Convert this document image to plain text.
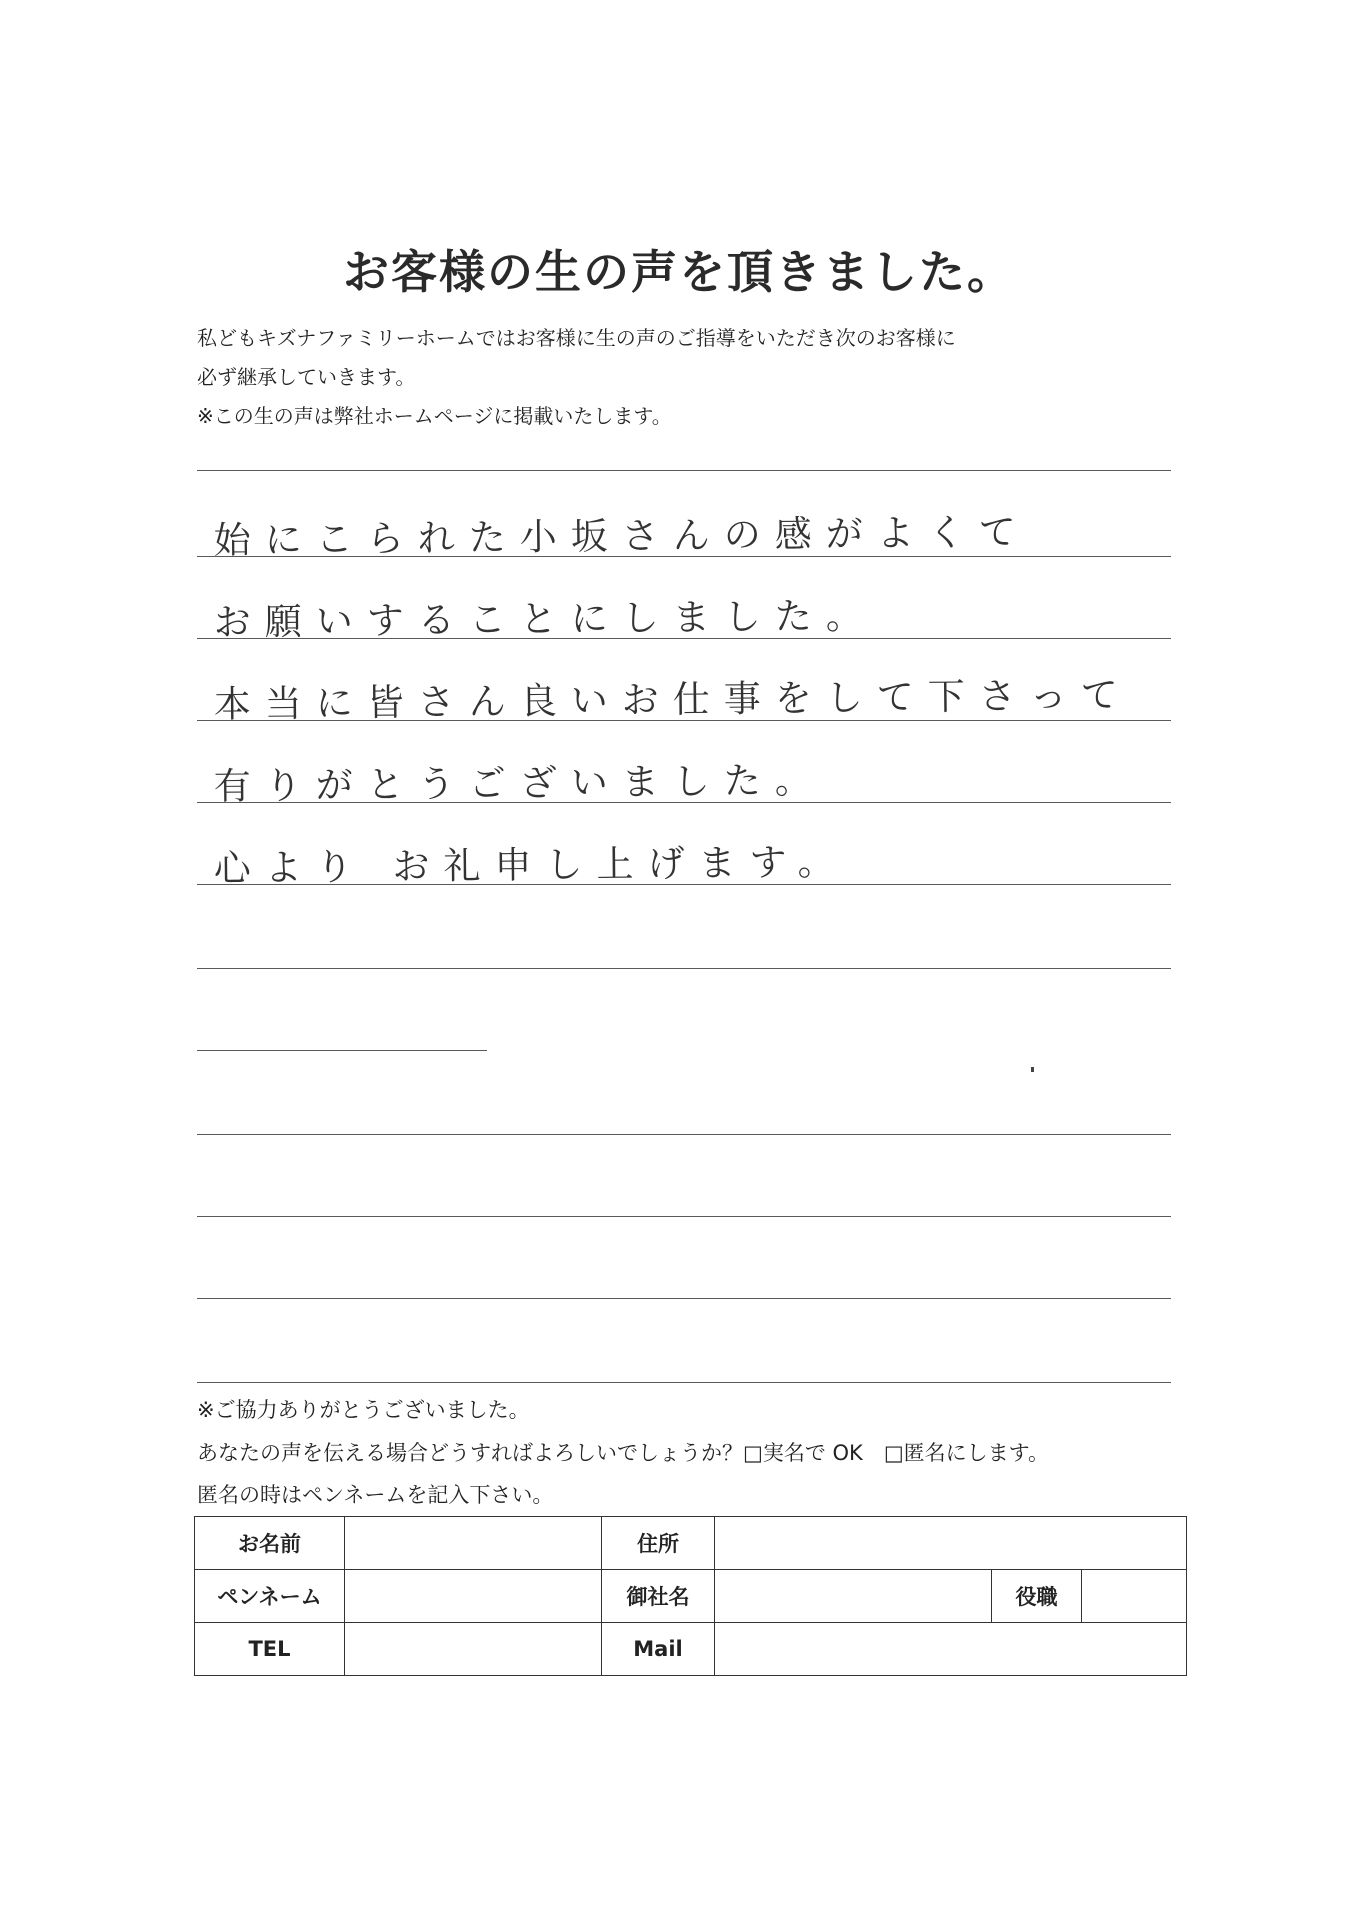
お客様の生の声を頂きました。
私どもキズナファミリーホームではお客様に生の声のご指導をいただき次のお客様に
必ず継承していきます。
※この生の声は弊社ホームページに掲載いたします。
始にこられた小坂さんの感がよくて
お願いすることにしました。
本当に皆さん良いお仕事をして下さって
有りがとうございました。
心より お礼申し上げます。
※ご協力ありがとうございました。
あなたの声を伝える場合どうすればよろしいでしょうか？□実名で OK　□匿名にします。
匿名の時はペンネームを記入下さい。
お名前		住所			
ペンネーム		御社名		役職	
TEL		Mail			
